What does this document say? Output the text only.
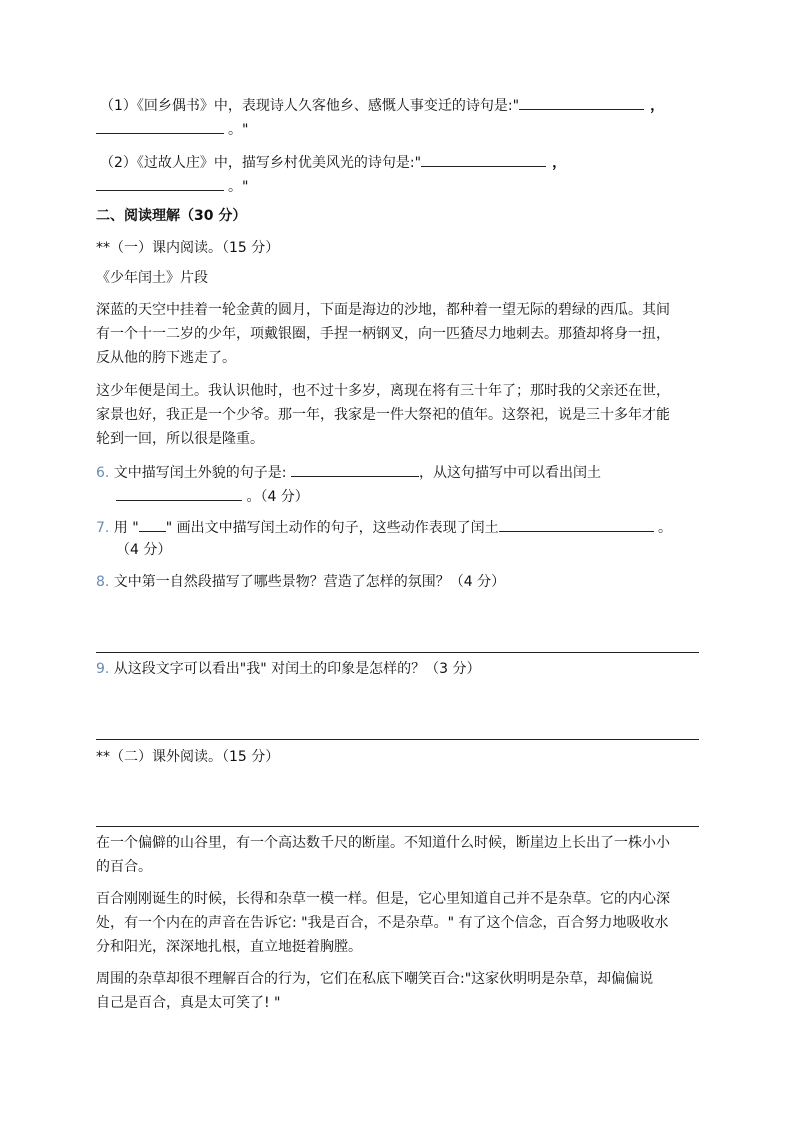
（1）《回乡偶书》中，表现诗人久客他乡、感慨人事变迁的诗句是:"	，
。"
（2）《过故人庄》中，描写乡村优美风光的诗句是:"	，
。"
二、阅读理解（30 分）
**（一）课内阅读。（15 分）
《少年闰土》片段
深蓝的天空中挂着一轮金黄的圆月，下面是海边的沙地，都种着一望无际的碧绿的西瓜。其间
有一个十一二岁的少年，项戴银圈，手捏一柄钢叉，向一匹猹尽力地刺去。那猹却将身一扭，
反从他的胯下逃走了。
这少年便是闰土。我认识他时，也不过十多岁，离现在将有三十年了；那时我的父亲还在世，
家景也好，我正是一个少爷。那一年，我家是一件大祭祀的值年。这祭祀，说是三十多年才能
轮到一回，所以很是隆重。
6. 文中描写闰土外貌的句子是:	，从这句描写中可以看出闰土
。（4 分）
7. 用 " " 画出文中描写闰土动作的句子，这些动作表现了闰土	。
（4 分）
8. 文中第一自然段描写了哪些景物？营造了怎样的氛围？（4 分）
9. 从这段文字可以看出"我" 对闰土的印象是怎样的？（3 分）
**（二）课外阅读。（15 分）
在一个偏僻的山谷里，有一个高达数千尺的断崖。不知道什么时候，断崖边上长出了一株小小
的百合。
百合刚刚诞生的时候，长得和杂草一模一样。但是，它心里知道自己并不是杂草。它的内心深
处，有一个内在的声音在告诉它: "我是百合，不是杂草。" 有了这个信念，百合努力地吸收水
分和阳光，深深地扎根，直立地挺着胸膛。
周围的杂草却很不理解百合的行为，它们在私底下嘲笑百合:"这家伙明明是杂草，却偏偏说
自己是百合，真是太可笑了! "
